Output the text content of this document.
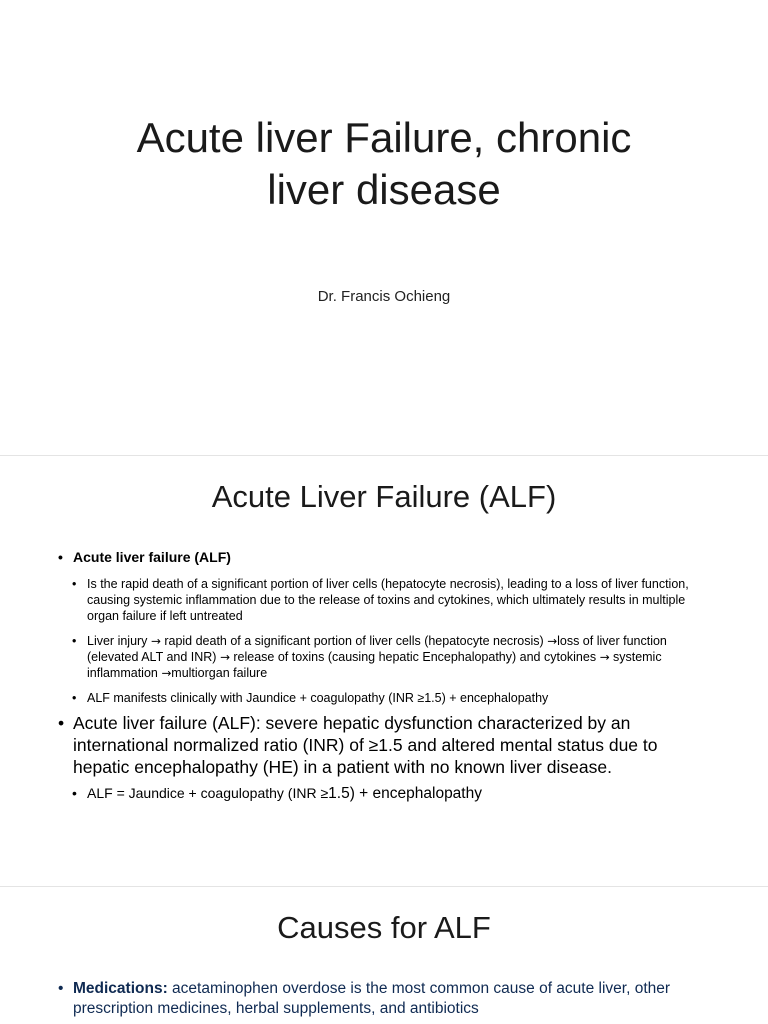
Acute liver Failure, chronic
liver disease

Dr. Francis Ochieng

Acute Liver Failure (ALF)
• Acute liver failure (ALF)
• Is the rapid death of a significant portion of liver cells (hepatocyte necrosis), leading to a loss of liver function, causing systemic inflammation due to the release of toxins and cytokines, which ultimately results in multiple organ failure if left untreated
• Liver injury → rapid death of a significant portion of liver cells (hepatocyte necrosis) →loss of liver function (elevated ALT and INR) → release of toxins (causing hepatic Encephalopathy) and cytokines → systemic inflammation →multiorgan failure
• ALF manifests clinically with Jaundice + coagulopathy (INR ≥1.5) + encephalopathy
• Acute liver failure (ALF): severe hepatic dysfunction characterized by an international normalized ratio (INR) of ≥1.5 and altered mental status due to hepatic encephalopathy (HE) in a patient with no known liver disease.
• ALF = Jaundice + coagulopathy (INR ≥1.5) + encephalopathy
Causes for ALF
• Medications: acetaminophen overdose is the most common cause of acute liver, other prescription medicines, herbal supplements, and antibiotics
